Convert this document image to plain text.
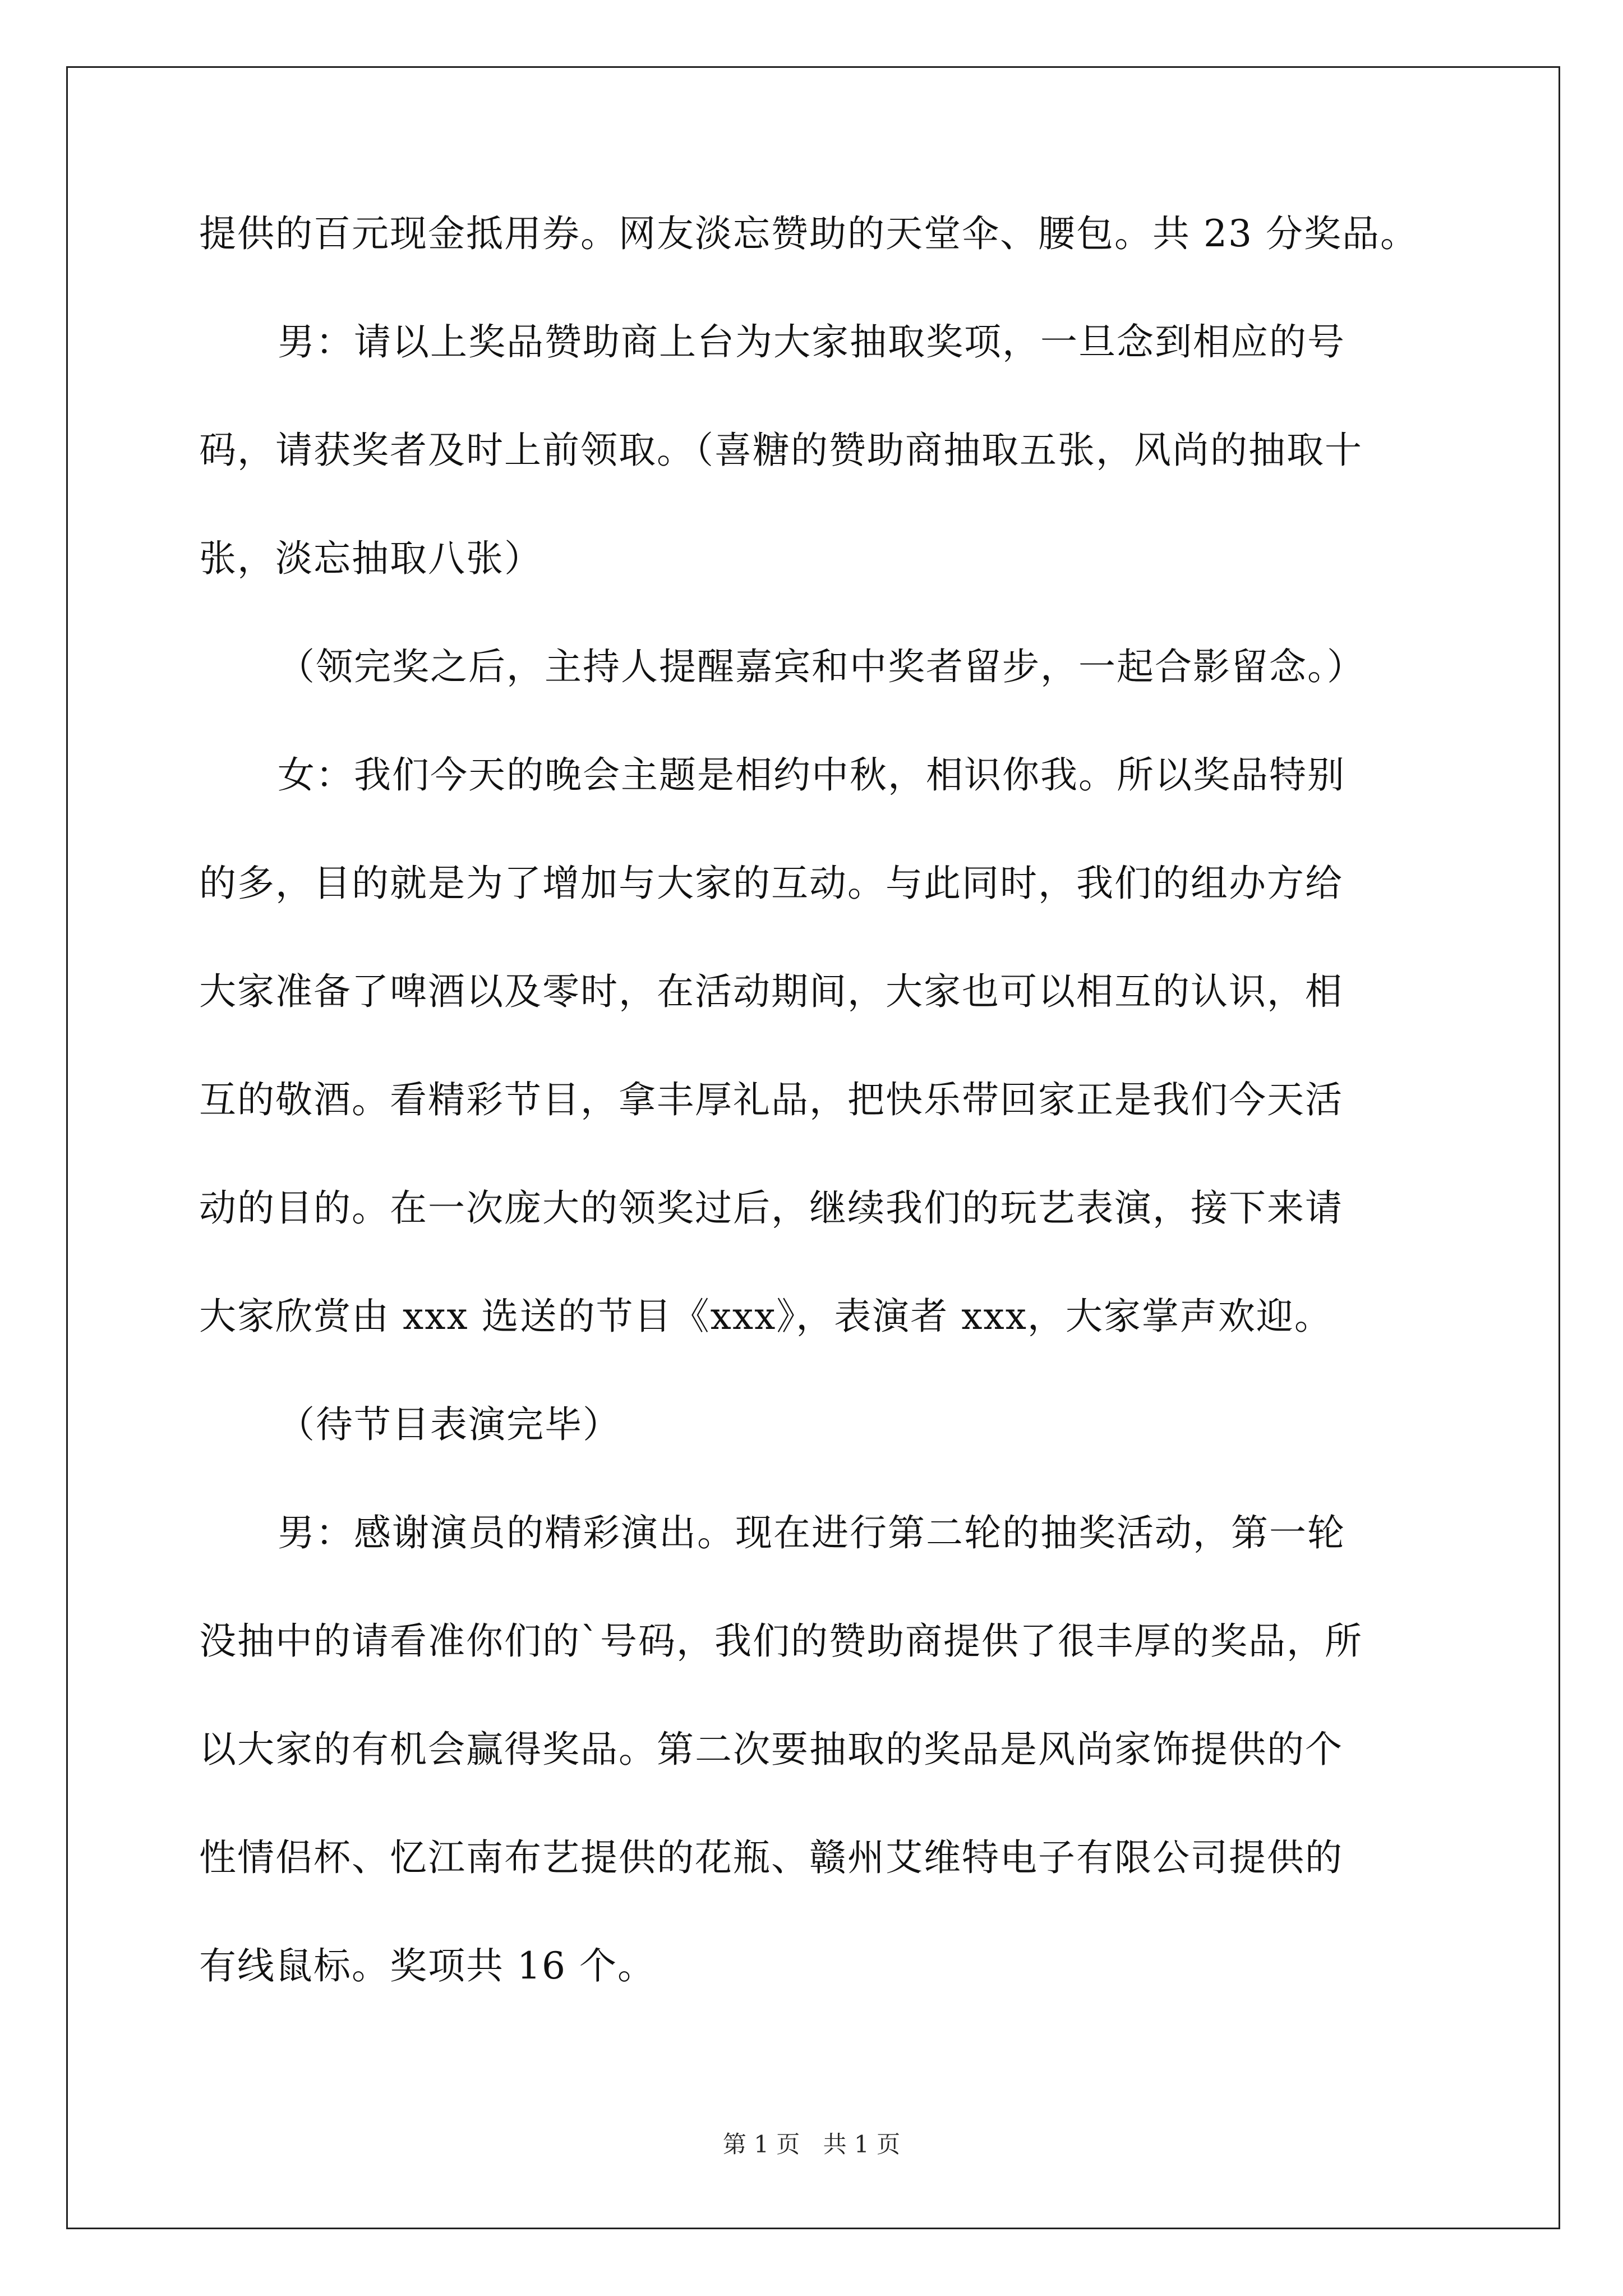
提供的百元现金抵用券。网友淡忘赞助的天堂伞、腰包。共 23 分奖品。
男：请以上奖品赞助商上台为大家抽取奖项，一旦念到相应的号
码，请获奖者及时上前领取。（喜糖的赞助商抽取五张，风尚的抽取十
张，淡忘抽取八张）
（领完奖之后，主持人提醒嘉宾和中奖者留步，一起合影留念。）
女：我们今天的晚会主题是相约中秋，相识你我。所以奖品特别
的多，目的就是为了增加与大家的互动。与此同时，我们的组办方给
大家准备了啤酒以及零时，在活动期间，大家也可以相互的认识，相
互的敬酒。看精彩节目，拿丰厚礼品，把快乐带回家正是我们今天活
动的目的。在一次庞大的领奖过后，继续我们的玩艺表演，接下来请
大家欣赏由 xxx 选送的节目《xxx》，表演者 xxx，大家掌声欢迎。
（待节目表演完毕）
男：感谢演员的精彩演出。现在进行第二轮的抽奖活动，第一轮
没抽中的请看准你们的`号码，我们的赞助商提供了很丰厚的奖品，所
以大家的有机会赢得奖品。第二次要抽取的奖品是风尚家饰提供的个
性情侣杯、忆江南布艺提供的花瓶、赣州艾维特电子有限公司提供的
有线鼠标。奖项共 16 个。
第 1 页 共 1 页
